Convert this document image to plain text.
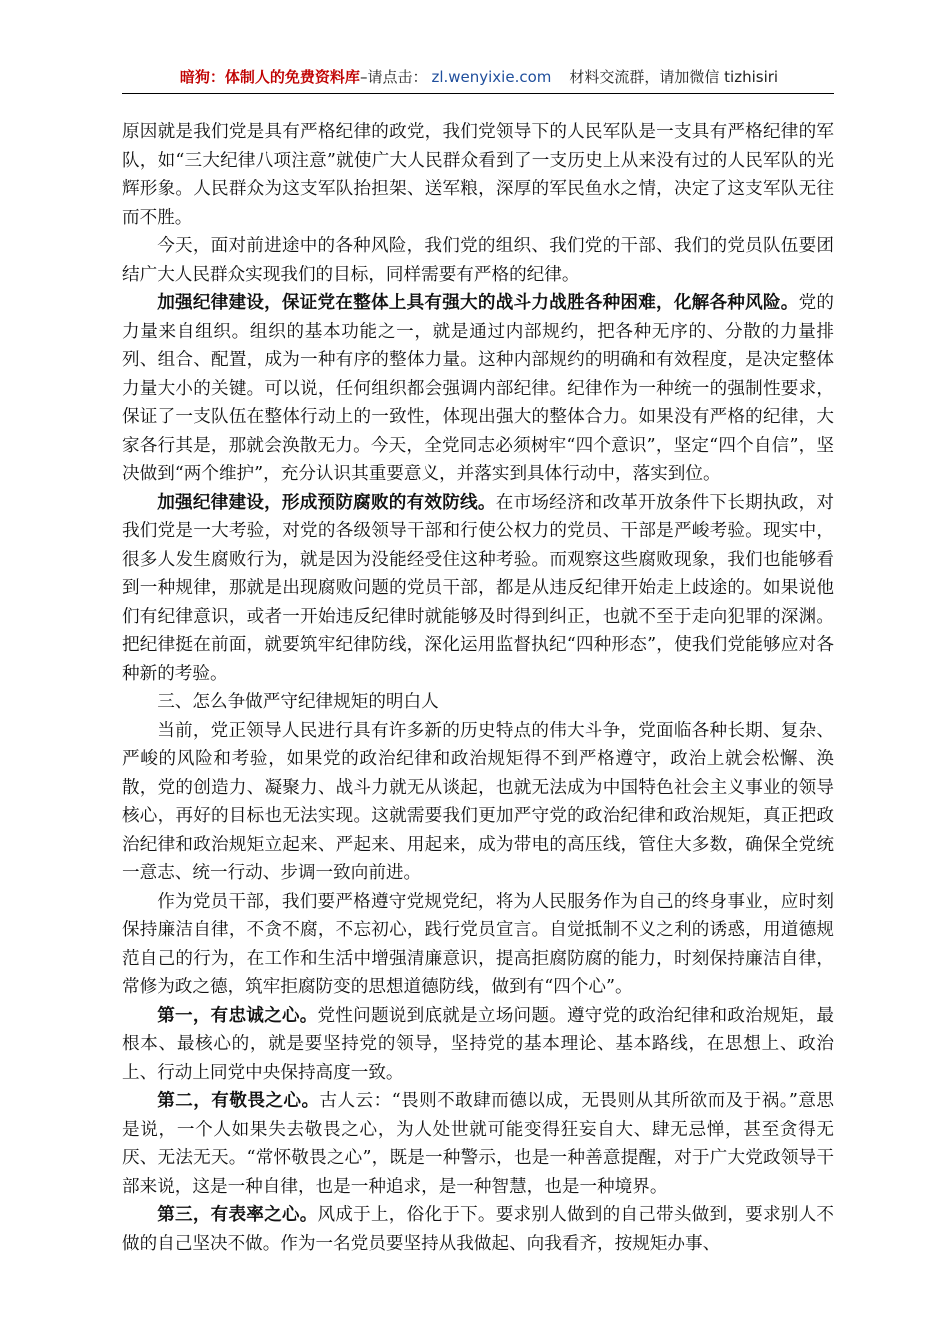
暗狗：体制人的免费资料库–请点击： zl.wenyixie.com 材料交流群，请加微信 tizhisiri

原因就是我们党是具有严格纪律的政党，我们党领导下的人民军队是一支具有严格纪律的军队，如“三大纪律八项注意”就使广大人民群众看到了一支历史上从来没有过的人民军队的光辉形象。人民群众为这支军队抬担架、送军粮，深厚的军民鱼水之情，决定了这支军队无往而不胜。

今天，面对前进途中的各种风险，我们党的组织、我们党的干部、我们的党员队伍要团结广大人民群众实现我们的目标，同样需要有严格的纪律。

加强纪律建设，保证党在整体上具有强大的战斗力战胜各种困难，化解各种风险。党的力量来自组织。组织的基本功能之一，就是通过内部规约，把各种无序的、分散的力量排列、组合、配置，成为一种有序的整体力量。这种内部规约的明确和有效程度，是决定整体力量大小的关键。可以说，任何组织都会强调内部纪律。纪律作为一种统一的强制性要求，保证了一支队伍在整体行动上的一致性，体现出强大的整体合力。如果没有严格的纪律，大家各行其是，那就会涣散无力。今天，全党同志必须树牢“四个意识”，坚定“四个自信”，坚决做到“两个维护”，充分认识其重要意义，并落实到具体行动中，落实到位。

加强纪律建设，形成预防腐败的有效防线。在市场经济和改革开放条件下长期执政，对我们党是一大考验，对党的各级领导干部和行使公权力的党员、干部是严峻考验。现实中，很多人发生腐败行为，就是因为没能经受住这种考验。而观察这些腐败现象，我们也能够看到一种规律，那就是出现腐败问题的党员干部，都是从违反纪律开始走上歧途的。如果说他们有纪律意识，或者一开始违反纪律时就能够及时得到纠正，也就不至于走向犯罪的深渊。把纪律挺在前面，就要筑牢纪律防线，深化运用监督执纪“四种形态”，使我们党能够应对各种新的考验。

三、怎么争做严守纪律规矩的明白人

当前，党正领导人民进行具有许多新的历史特点的伟大斗争，党面临各种长期、复杂、严峻的风险和考验，如果党的政治纪律和政治规矩得不到严格遵守，政治上就会松懈、涣散，党的创造力、凝聚力、战斗力就无从谈起，也就无法成为中国特色社会主义事业的领导核心，再好的目标也无法实现。这就需要我们更加严守党的政治纪律和政治规矩，真正把政治纪律和政治规矩立起来、严起来、用起来，成为带电的高压线，管住大多数，确保全党统一意志、统一行动、步调一致向前进。

作为党员干部，我们要严格遵守党规党纪，将为人民服务作为自己的终身事业，应时刻保持廉洁自律，不贪不腐，不忘初心，践行党员宣言。自觉抵制不义之利的诱惑，用道德规范自己的行为，在工作和生活中增强清廉意识，提高拒腐防腐的能力，时刻保持廉洁自律，常修为政之德，筑牢拒腐防变的思想道德防线，做到有“四个心”。

第一，有忠诚之心。党性问题说到底就是立场问题。遵守党的政治纪律和政治规矩，最根本、最核心的，就是要坚持党的领导，坚持党的基本理论、基本路线，在思想上、政治上、行动上同党中央保持高度一致。

第二，有敬畏之心。古人云：“畏则不敢肆而德以成，无畏则从其所欲而及于祸。”意思是说，一个人如果失去敬畏之心，为人处世就可能变得狂妄自大、肆无忌惮，甚至贪得无厌、无法无天。“常怀敬畏之心”，既是一种警示，也是一种善意提醒，对于广大党政领导干部来说，这是一种自律，也是一种追求，是一种智慧，也是一种境界。

第三，有表率之心。风成于上，俗化于下。要求别人做到的自己带头做到，要求别人不做的自己坚决不做。作为一名党员要坚持从我做起、向我看齐，按规矩办事、
